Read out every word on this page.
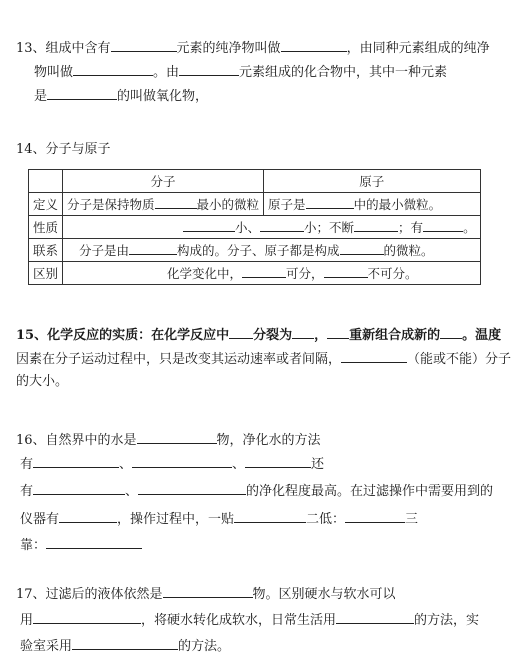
13、组成中含有	元素的纯净物叫做	，由同种元素组成的纯净
物叫做	。由	元素组成的化合物中，其中一种元素
是	的叫做氧化物，
14、分子与原子
	分子	原子
定义	分子是保持物质 最小的微粒	原子是 中的最小微粒。
性质	小、 小；不断 ；有 。	
联系	分子是由 构成的。分子、原子都是构成 的微粒。	
区别	化学变化中， 可分， 不可分。	
15、化学反应的实质：在化学反应中 分裂为 ， 重新组合成新的 。温度
因素在分子运动过程中，只是改变其运动速率或者间隔，	（能或不能）分子
的大小。
16、自然界中的水是	物，净化水的方法
有	、	、	还
有	、	的净化程度最高。在过滤操作中需要用到的
仪器有	，操作过程中，一贴	二低：	三
靠：
17、过滤后的液体依然是	物。区别硬水与软水可以
用	，将硬水转化成软水，日常生活用	的方法，实
验室采用	的方法。
